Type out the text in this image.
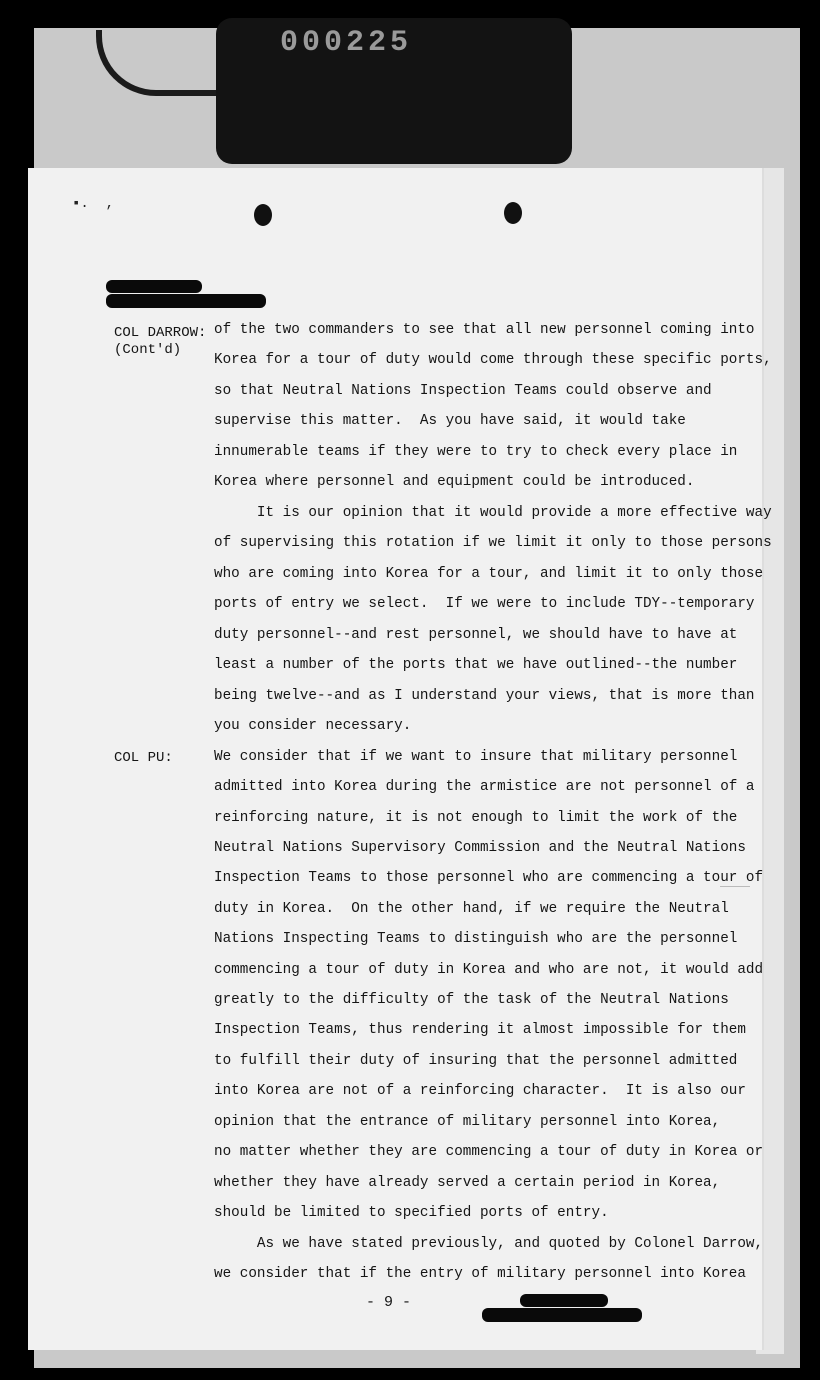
000225
▪︎.  ,
COL DARROW:
(Cont'd)
COL PU:
of the two commanders to see that all new personnel coming into
Korea for a tour of duty would come through these specific ports,
so that Neutral Nations Inspection Teams could observe and
supervise this matter.  As you have said, it would take
innumerable teams if they were to try to check every place in
Korea where personnel and equipment could be introduced.
It is our opinion that it would provide a more effective way
of supervising this rotation if we limit it only to those persons
who are coming into Korea for a tour, and limit it to only those
ports of entry we select.  If we were to include TDY--temporary
duty personnel--and rest personnel, we should have to have at
least a number of the ports that we have outlined--the number
being twelve--and as I understand your views, that is more than
you consider necessary.
We consider that if we want to insure that military personnel
admitted into Korea during the armistice are not personnel of a
reinforcing nature, it is not enough to limit the work of the
Neutral Nations Supervisory Commission and the Neutral Nations
Inspection Teams to those personnel who are commencing a tour of
duty in Korea.  On the other hand, if we require the Neutral
Nations Inspecting Teams to distinguish who are the personnel
commencing a tour of duty in Korea and who are not, it would add
greatly to the difficulty of the task of the Neutral Nations
Inspection Teams, thus rendering it almost impossible for them
to fulfill their duty of insuring that the personnel admitted
into Korea are not of a reinforcing character.  It is also our
opinion that the entrance of military personnel into Korea,
no matter whether they are commencing a tour of duty in Korea or
whether they have already served a certain period in Korea,
should be limited to specified ports of entry.
As we have stated previously, and quoted by Colonel Darrow,
we consider that if the entry of military personnel into Korea
- 9 -
